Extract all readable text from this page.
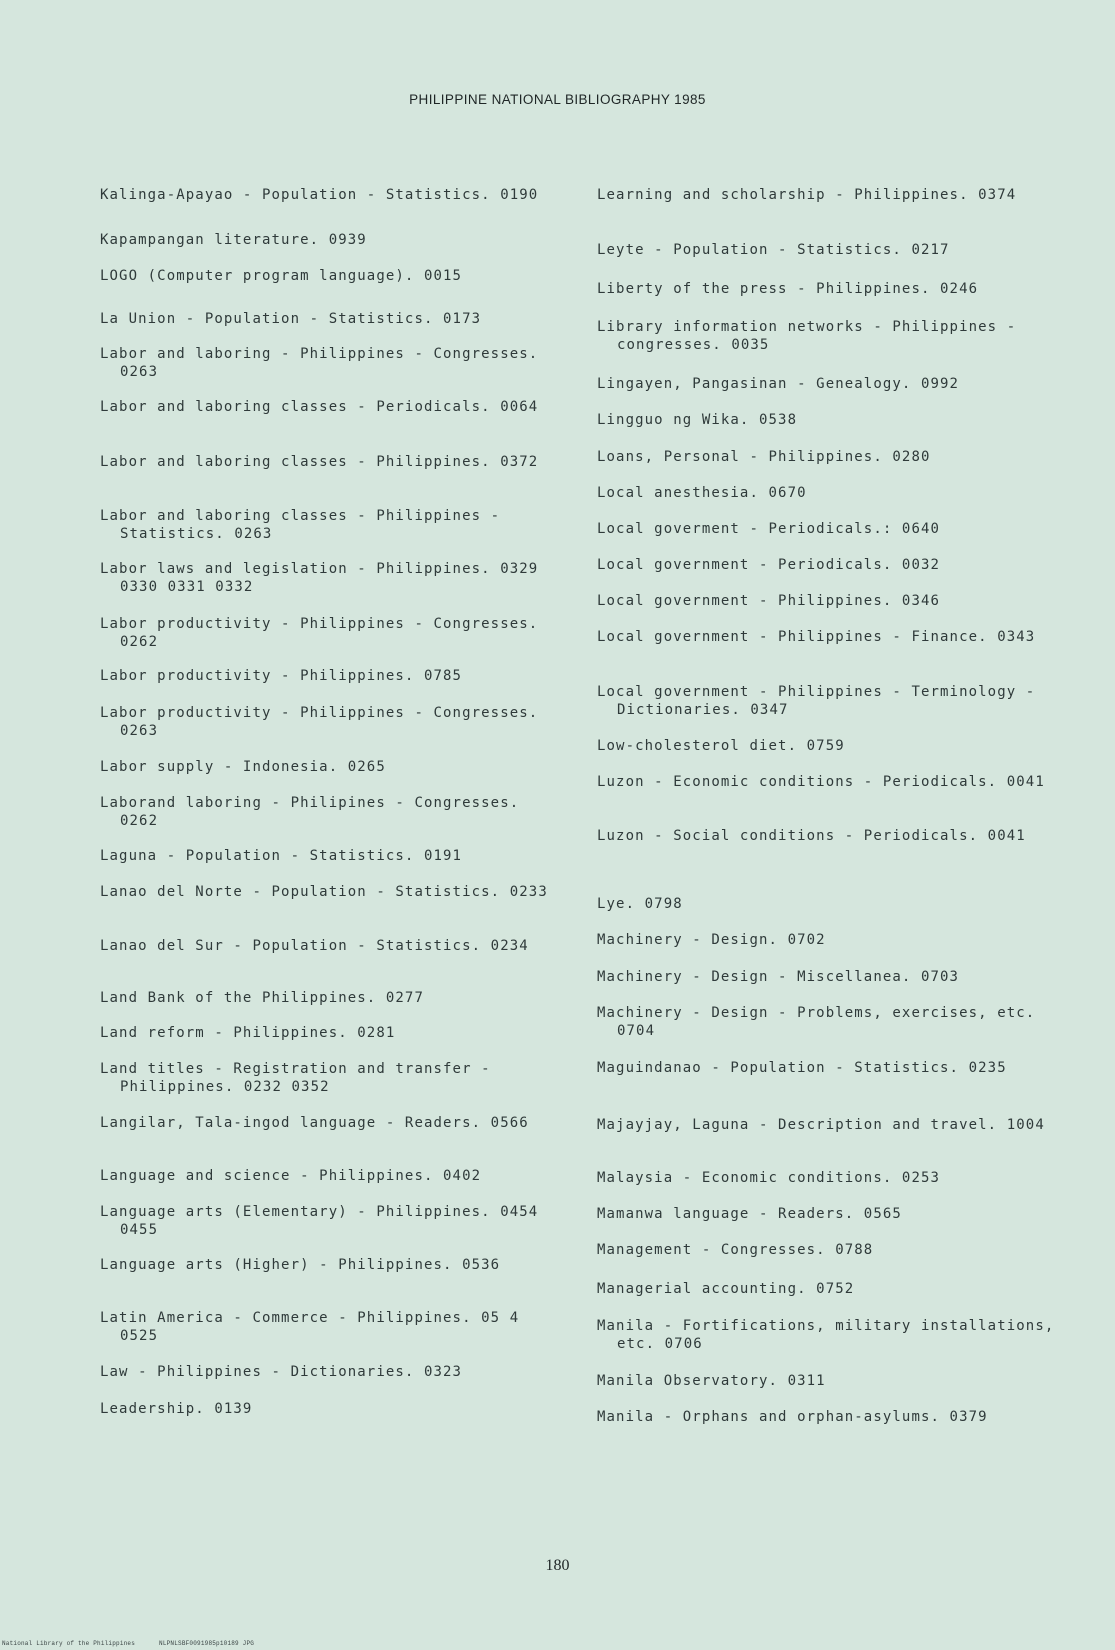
PHILIPPINE NATIONAL BIBLIOGRAPHY 1985
Kalinga-Apayao - Population - Statistics. 0190
Kapampangan literature. 0939
LOGO (Computer program language). 0015
La Union - Population - Statistics. 0173
Labor and laboring - Philippines - Congresses. 0263
Labor and laboring classes - Periodicals. 0064
Labor and laboring classes - Philippines. 0372
Labor and laboring classes - Philippines - Statistics. 0263
Labor laws and legislation - Philippines. 0329 0330 0331 0332
Labor productivity - Philippines - Congresses. 0262
Labor productivity - Philippines. 0785
Labor productivity - Philippines - Congresses. 0263
Labor supply - Indonesia. 0265
Laborand laboring - Philipines - Congresses. 0262
Laguna - Population - Statistics. 0191
Lanao del Norte - Population - Statistics. 0233
Lanao del Sur - Population - Statistics. 0234
Land Bank of the Philippines. 0277
Land reform - Philippines. 0281
Land titles - Registration and transfer - Philippines. 0232 0352
Langilar, Tala-ingod language - Readers. 0566
Language and science - Philippines. 0402
Language arts (Elementary) - Philippines. 0454 0455
Language arts (Higher) - Philippines. 0536
Latin America - Commerce - Philippines. 05 4 0525
Law - Philippines - Dictionaries. 0323
Leadership. 0139
Learning and scholarship - Philippines. 0374
Leyte - Population - Statistics. 0217
Liberty of the press - Philippines. 0246
Library information networks - Philippines - congresses. 0035
Lingayen, Pangasinan - Genealogy. 0992
Lingguo ng Wika. 0538
Loans, Personal - Philippines. 0280
Local anesthesia. 0670
Local goverment - Periodicals.: 0640
Local government - Periodicals. 0032
Local government - Philippines. 0346
Local government - Philippines - Finance. 0343
Local government - Philippines - Terminology - Dictionaries. 0347
Low-cholesterol diet. 0759
Luzon - Economic conditions - Periodicals. 0041
Luzon - Social conditions - Periodicals. 0041
Lye. 0798
Machinery - Design. 0702
Machinery - Design - Miscellanea. 0703
Machinery - Design - Problems, exercises, etc. 0704
Maguindanao - Population - Statistics. 0235
Majayjay, Laguna - Description and travel. 1004
Malaysia - Economic conditions. 0253
Mamanwa language - Readers. 0565
Management - Congresses. 0788
Managerial accounting. 0752
Manila - Fortifications, military installations, etc. 0706
Manila Observatory. 0311
Manila - Orphans and orphan-asylums. 0379
180
National Library of the Philippines	NLPNLSBF0091985p10189 JPG
